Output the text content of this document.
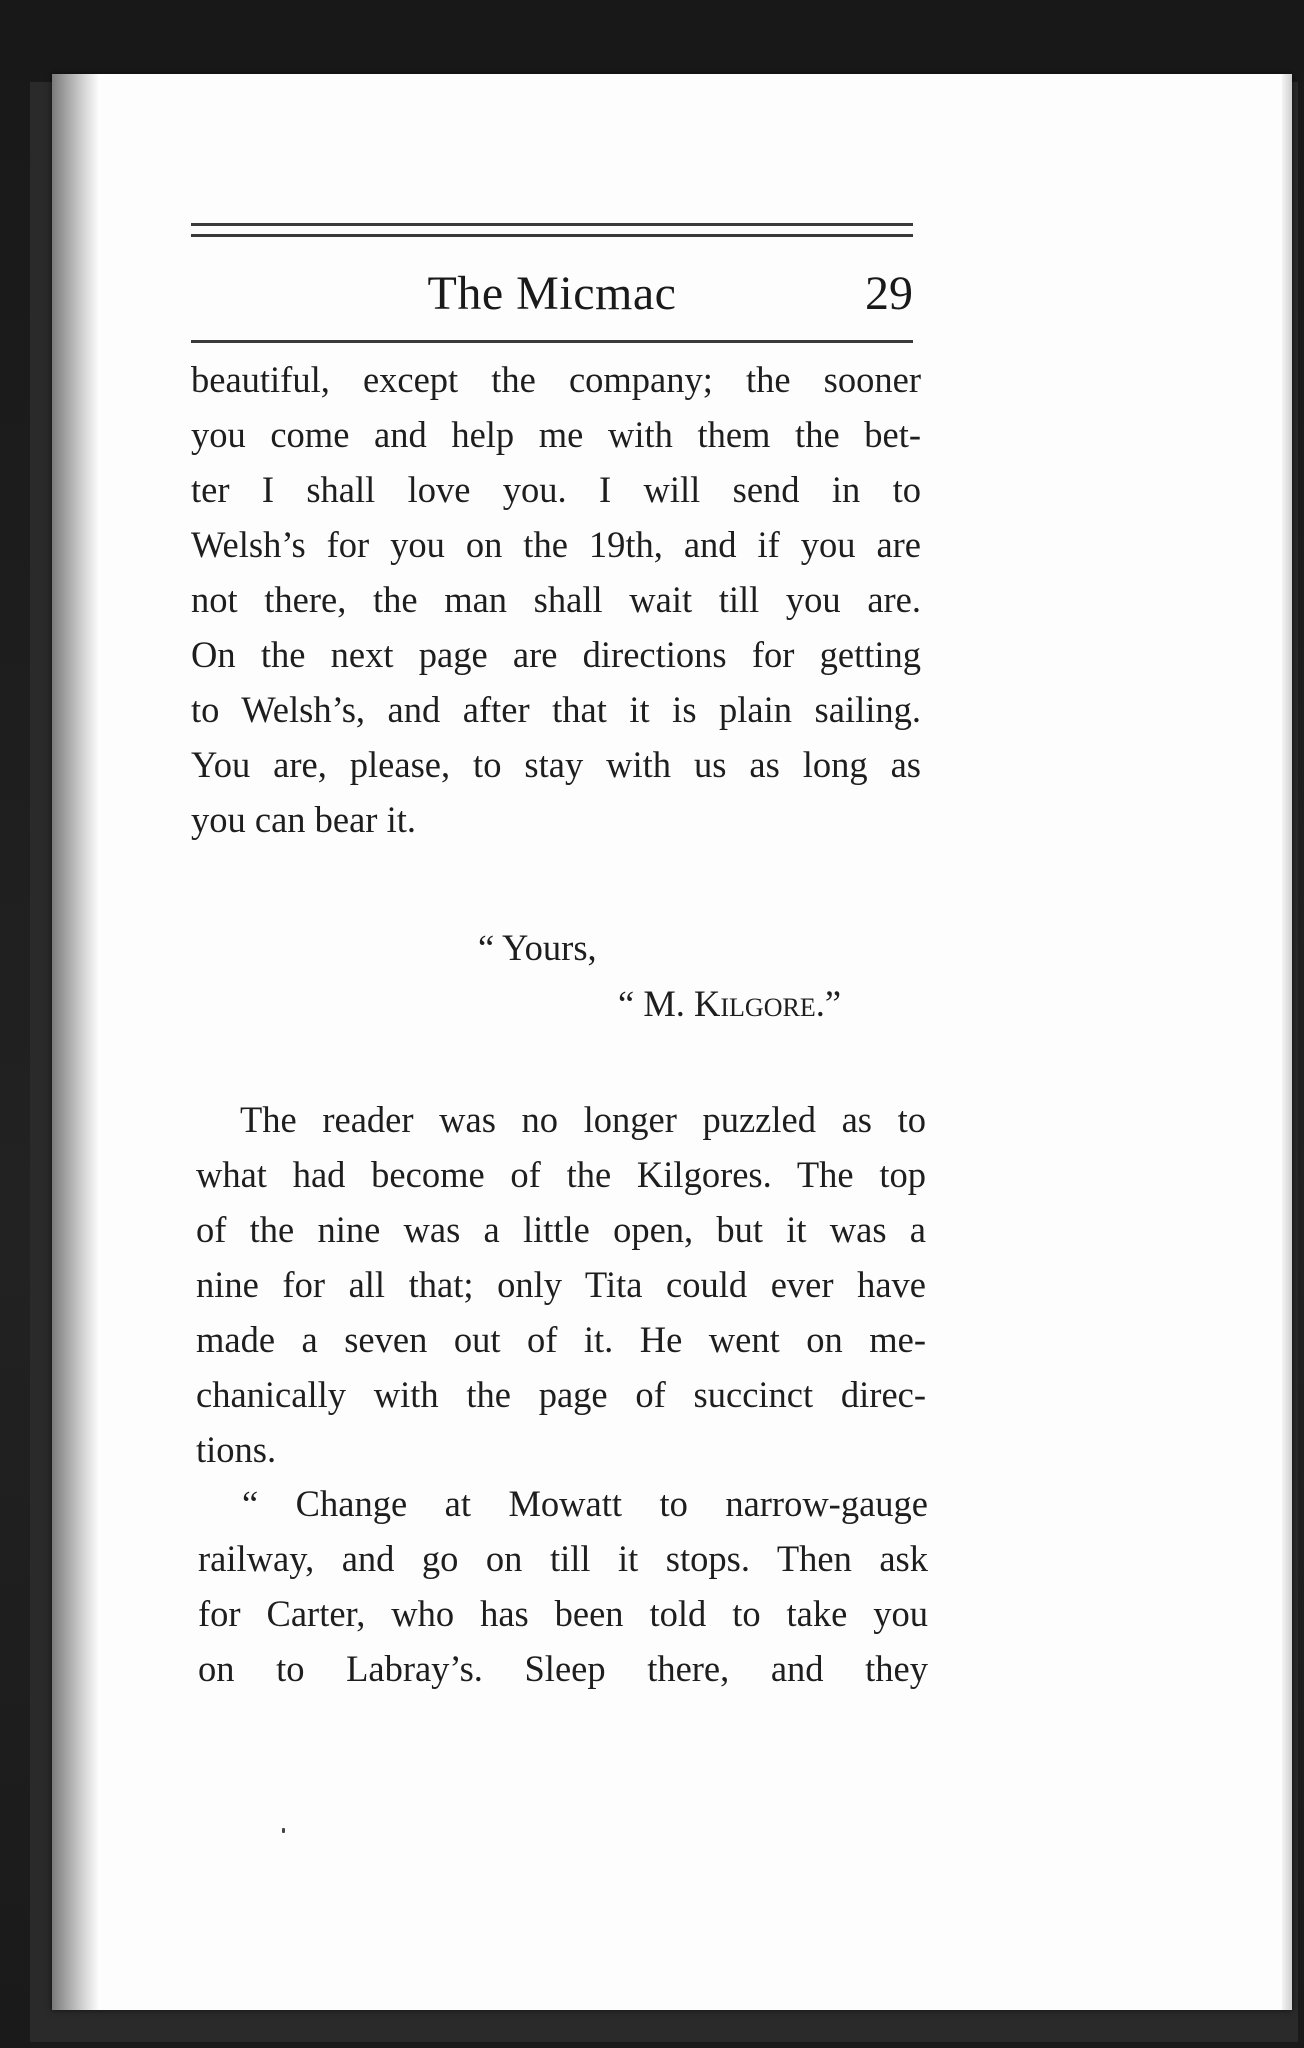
The Micmac	29
beautiful, except the company; the sooner
you come and help me with them the bet-
ter I shall love you. I will send in to
Welsh’s for you on the 19th, and if you are
not there, the man shall wait till you are.
On the next page are directions for getting
to Welsh’s, and after that it is plain sailing.
You are, please, to stay with us as long as
you can bear it.
“ Yours,
“ M. Kilgore.”
The reader was no longer puzzled as to
what had become of the Kilgores. The top
of the nine was a little open, but it was a
nine for all that; only Tita could ever have
made a seven out of it. He went on me-
chanically with the page of succinct direc-
tions.
“ Change at Mowatt to narrow-gauge
railway, and go on till it stops. Then ask
for Carter, who has been told to take you
on to Labray’s. Sleep there, and they
